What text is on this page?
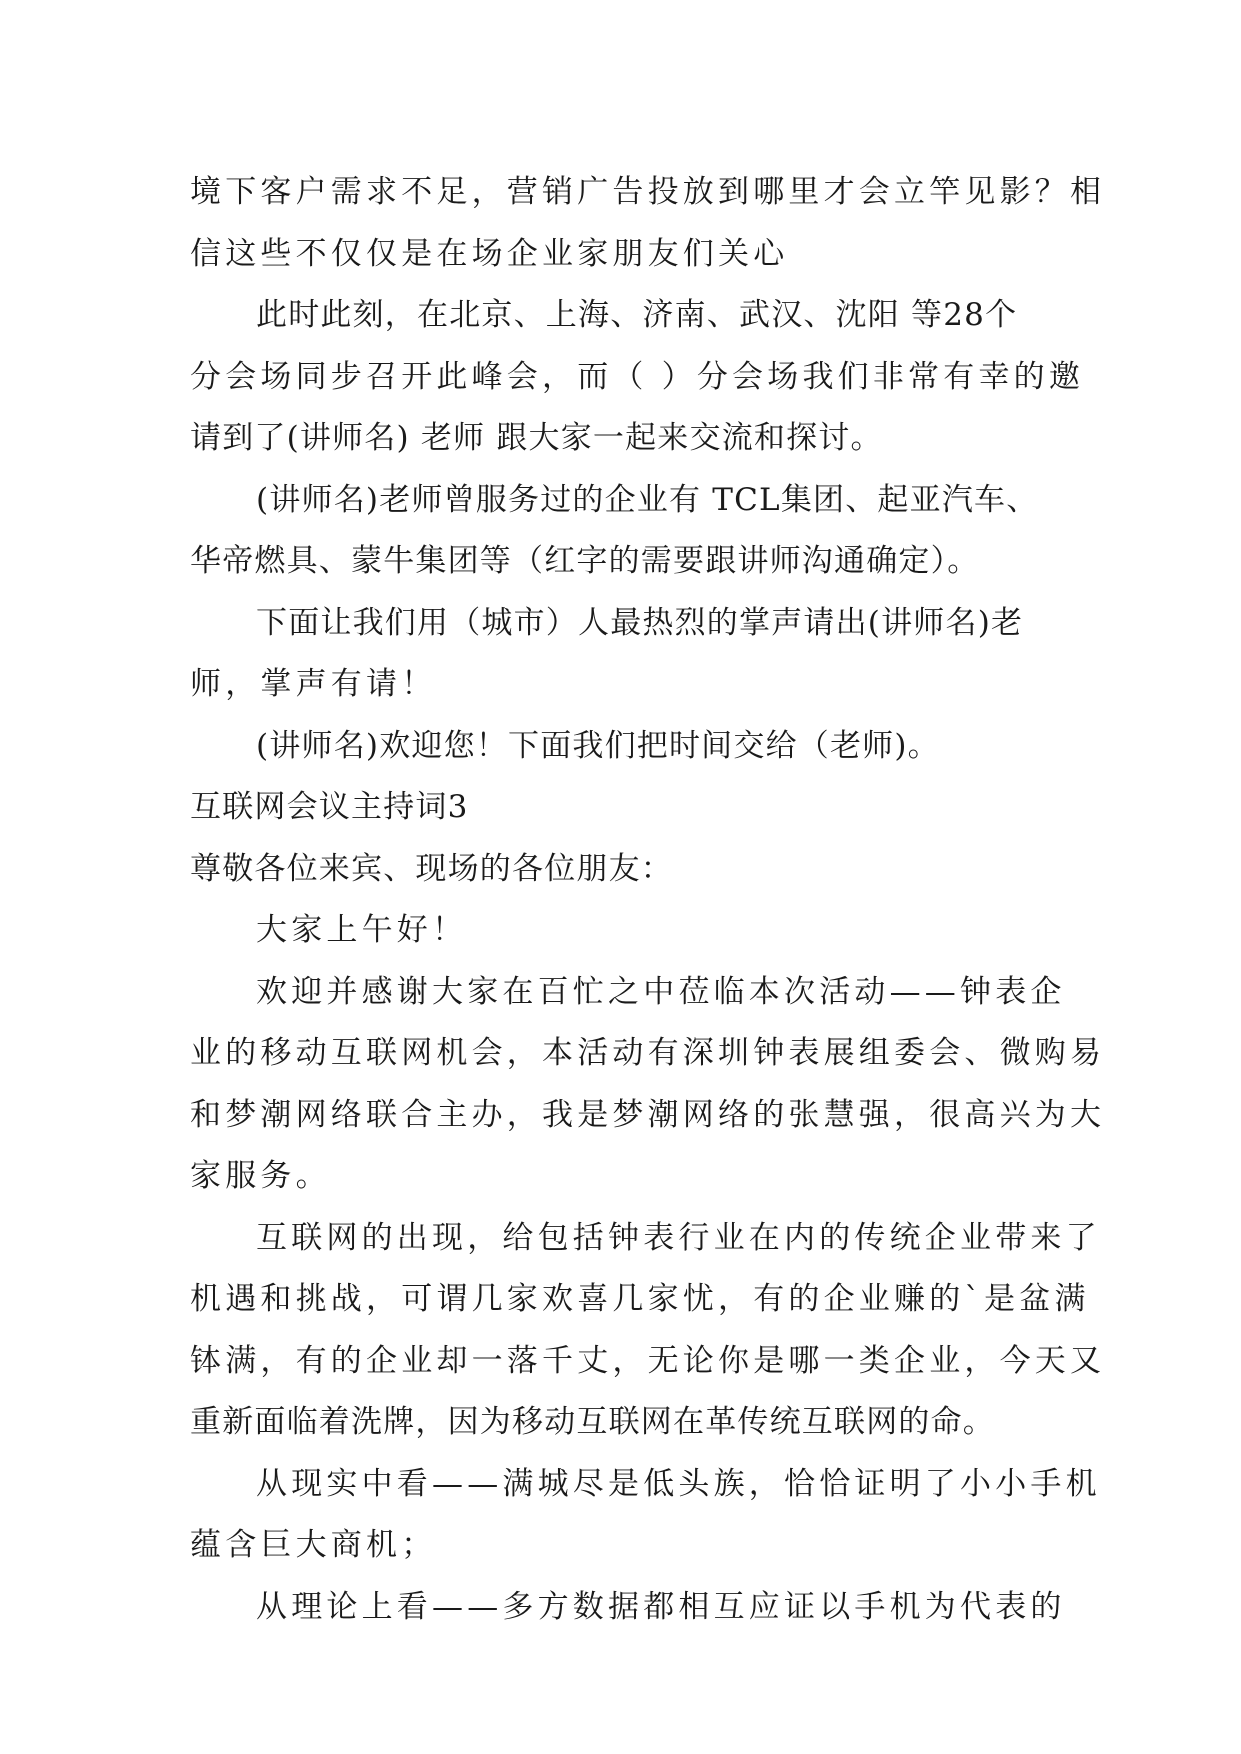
境下客户需求不足，营销广告投放到哪里才会立竿见影？相
信这些不仅仅是在场企业家朋友们关心
此时此刻，在北京、上海、济南、武汉、沈阳 等28个
分会场同步召开此峰会，而（ ）分会场我们非常有幸的邀
请到了(讲师名) 老师 跟大家一起来交流和探讨。
(讲师名)老师曾服务过的企业有 TCL集团、起亚汽车、
华帝燃具、蒙牛集团等（红字的需要跟讲师沟通确定）。
下面让我们用（城市）人最热烈的掌声请出(讲师名)老
师，掌声有请！
(讲师名)欢迎您！下面我们把时间交给（老师)。
互联网会议主持词3
尊敬各位来宾、现场的各位朋友：
大家上午好！
欢迎并感谢大家在百忙之中莅临本次活动——钟表企
业的移动互联网机会，本活动有深圳钟表展组委会、微购易
和梦潮网络联合主办，我是梦潮网络的张慧强，很高兴为大
家服务。
互联网的出现，给包括钟表行业在内的传统企业带来了
机遇和挑战，可谓几家欢喜几家忧，有的企业赚的`是盆满
钵满，有的企业却一落千丈，无论你是哪一类企业，今天又
重新面临着洗牌，因为移动互联网在革传统互联网的命。
从现实中看——满城尽是低头族，恰恰证明了小小手机
蕴含巨大商机；
从理论上看——多方数据都相互应证以手机为代表的
